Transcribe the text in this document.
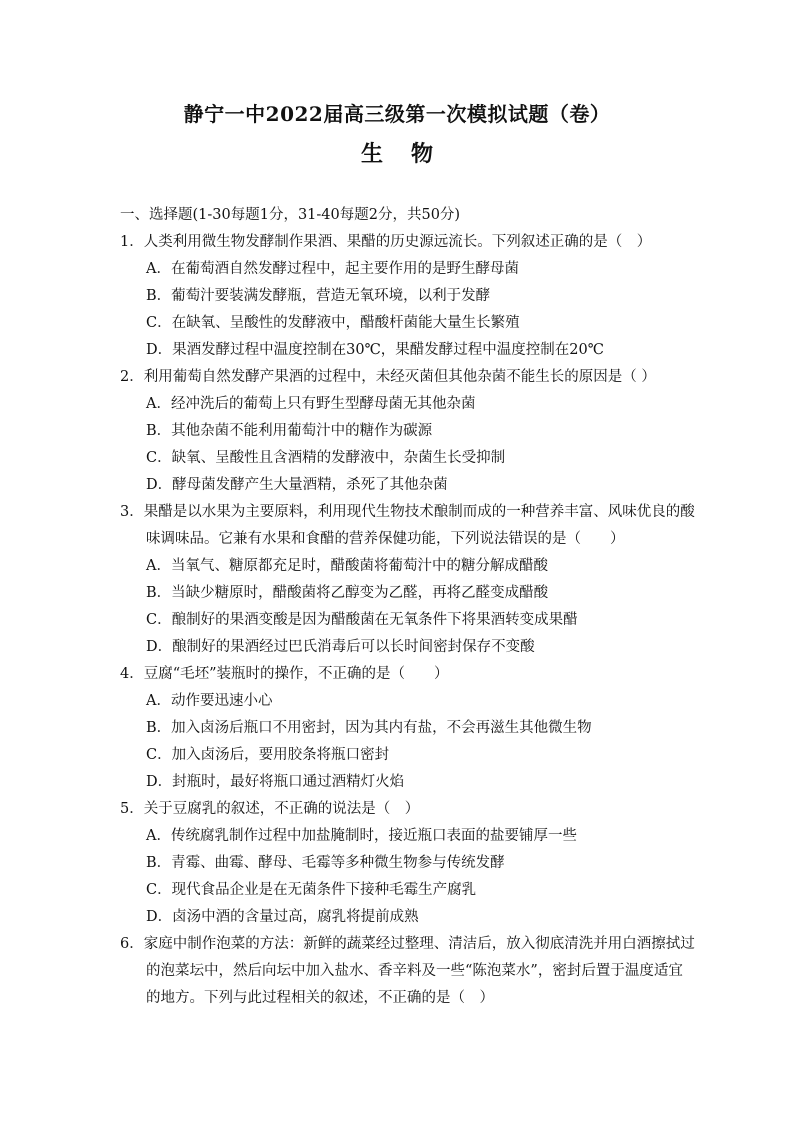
静宁一中2022届高三级第一次模拟试题（卷）
生物

一、选择题(1-30每题1分，31-40每题2分，共50分)

1．人类利用微生物发酵制作果酒、果醋的历史源远流长。下列叙述正确的是（　）

A．在葡萄酒自然发酵过程中，起主要作用的是野生酵母菌

B．葡萄汁要装满发酵瓶，营造无氧环境，以利于发酵

C．在缺氧、呈酸性的发酵液中，醋酸杆菌能大量生长繁殖

D．果酒发酵过程中温度控制在30℃，果醋发酵过程中温度控制在20℃

2．利用葡萄自然发酵产果酒的过程中，未经灭菌但其他杂菌不能生长的原因是（ ）

A．经冲洗后的葡萄上只有野生型酵母菌无其他杂菌

B．其他杂菌不能利用葡萄汁中的糖作为碳源

C．缺氧、呈酸性且含酒精的发酵液中，杂菌生长受抑制

D．酵母菌发酵产生大量酒精，杀死了其他杂菌

3．果醋是以水果为主要原料，利用现代生物技术酿制而成的一种营养丰富、风味优良的酸
味调味品。它兼有水果和食醋的营养保健功能，下列说法错误的是（　　）

A．当氧气、糖原都充足时，醋酸菌将葡萄汁中的糖分解成醋酸

B．当缺少糖原时，醋酸菌将乙醇变为乙醛，再将乙醛变成醋酸

C．酿制好的果酒变酸是因为醋酸菌在无氧条件下将果酒转变成果醋

D．酿制好的果酒经过巴氏消毒后可以长时间密封保存不变酸

4．豆腐“毛坯”装瓶时的操作，不正确的是（　　）

A．动作要迅速小心

B．加入卤汤后瓶口不用密封，因为其内有盐，不会再滋生其他微生物

C．加入卤汤后，要用胶条将瓶口密封

D．封瓶时，最好将瓶口通过酒精灯火焰

5．关于豆腐乳的叙述，不正确的说法是（　）

A．传统腐乳制作过程中加盐腌制时，接近瓶口表面的盐要铺厚一些

B．青霉、曲霉、酵母、毛霉等多种微生物参与传统发酵

C．现代食品企业是在无菌条件下接种毛霉生产腐乳

D．卤汤中酒的含量过高，腐乳将提前成熟

6．家庭中制作泡菜的方法：新鲜的蔬菜经过整理、清洁后，放入彻底清洗并用白酒擦拭过
的泡菜坛中，然后向坛中加入盐水、香辛料及一些“陈泡菜水”，密封后置于温度适宜
的地方。下列与此过程相关的叙述，不正确的是（　）
